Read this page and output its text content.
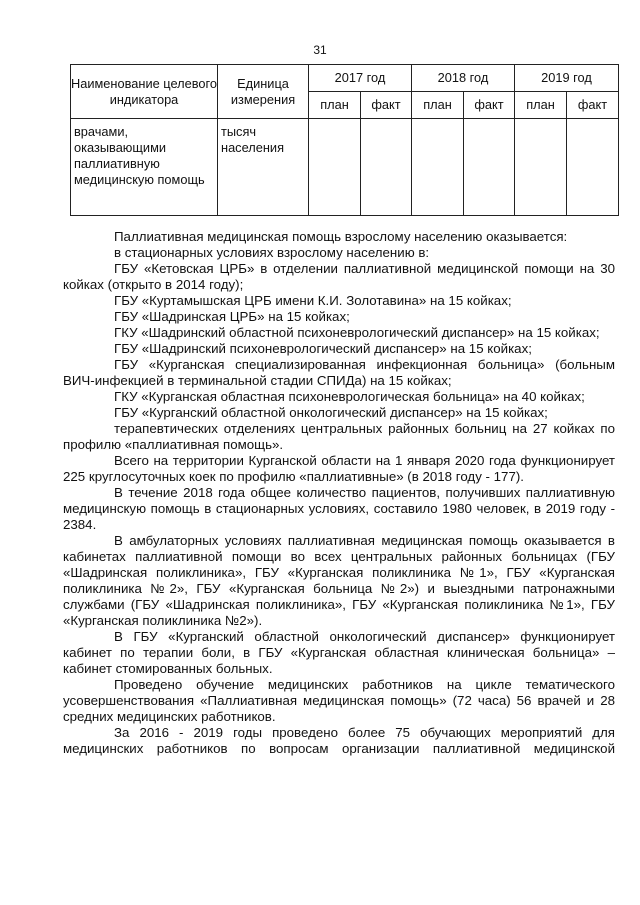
31
Наименование целевого индикатора	Единица измерения	2017 год		2018 год		2019 год	
		план	факт	план	факт	план	факт
врачами, оказывающими паллиативную медицинскую помощь	тысяч населения						

Паллиативная медицинская помощь взрослому населению оказывается:

в стационарных условиях взрослому населению в:

ГБУ «Кетовская ЦРБ» в отделении паллиативной медицинской помощи на 30 койках (открыто в 2014 году);

ГБУ «Куртамышская ЦРБ имени К.И. Золотавина» на 15 койках;

ГБУ «Шадринская ЦРБ» на 15 койках;

ГКУ «Шадринский областной психоневрологический диспансер» на 15 койках;

ГБУ «Шадринский психоневрологический диспансер» на 15 койках;

ГБУ «Курганская специализированная инфекционная больница» (больным ВИЧ-инфекцией в терминальной стадии СПИДа) на 15 койках;

ГКУ «Курганская областная психоневрологическая больница» на 40 койках;

ГБУ «Курганский областной онкологический диспансер» на 15 койках;

терапевтических отделениях центральных районных больниц на 27 койках по профилю «паллиативная помощь».

Всего на территории Курганской области на 1 января 2020 года функционирует 225 круглосуточных коек по профилю «паллиативные» (в 2018 году - 177).

В течение 2018 года общее количество пациентов, получивших паллиативную медицинскую помощь в стационарных условиях, составило 1980 человек, в 2019 году - 2384.

В амбулаторных условиях паллиативная медицинская помощь оказывается в кабинетах паллиативной помощи во всех центральных районных больницах (ГБУ «Шадринская поликлиника», ГБУ «Курганская поликлиника №1», ГБУ «Курганская поликлиника №2», ГБУ «Курганская больница №2») и выездными патронажными службами (ГБУ «Шадринская поликлиника», ГБУ «Курганская поликлиника №1», ГБУ «Курганская поликлиника №2»).

В ГБУ «Курганский областной онкологический диспансер» функционирует кабинет по терапии боли, в ГБУ «Курганская областная клиническая больница» – кабинет стомированных больных.

Проведено обучение медицинских работников на цикле тематического усовершенствования «Паллиативная медицинская помощь» (72 часа) 56 врачей и 28 средних медицинских работников.

За 2016 - 2019 годы проведено более 75 обучающих мероприятий для медицинских работников по вопросам организации паллиативной медицинской
